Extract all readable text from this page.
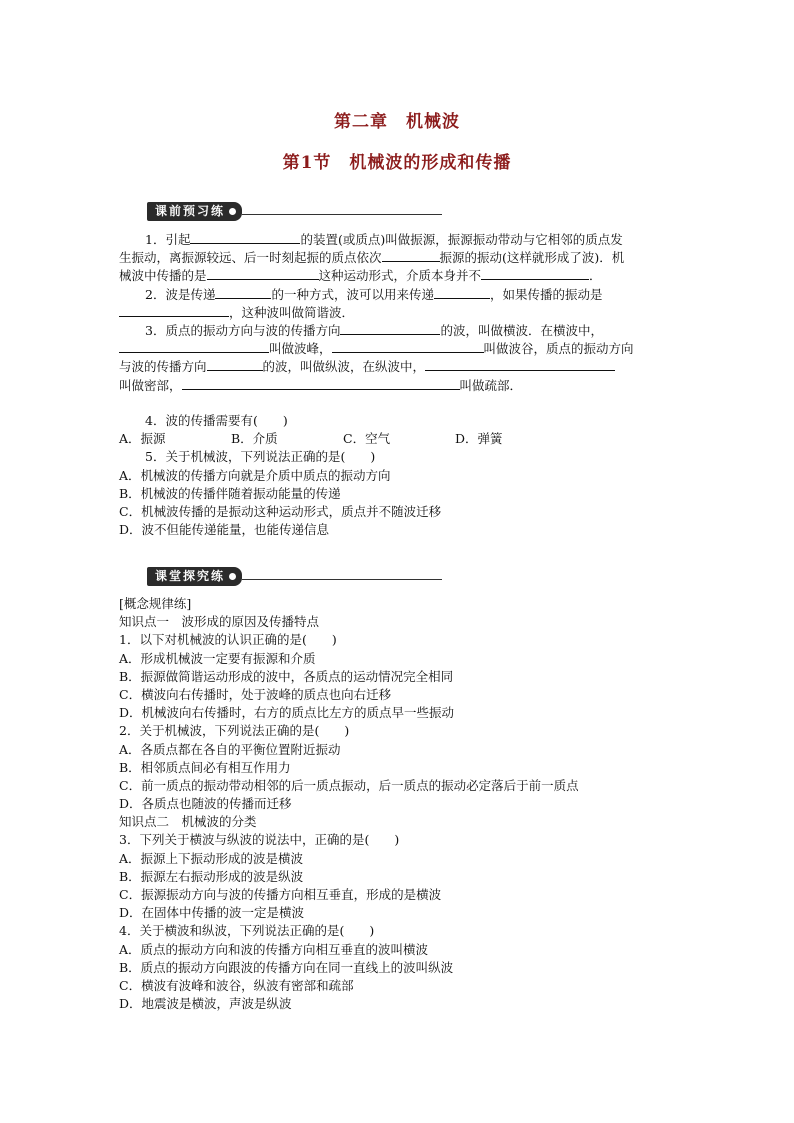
第二章　机械波
第1节　机械波的形成和传播
课前预习练
1．引起	的装置(或质点)叫做振源，振源振动带动与它相邻的质点发
生振动，离振源较远、后一时刻起振的质点依次	振源的振动(这样就形成了波)．机
械波中传播的是	这种运动形式，介质本身并不	．
2．波是传递	的一种方式，波可以用来传递	，如果传播的振动是
，这种波叫做简谐波．
3．质点的振动方向与波的传播方向	的波，叫做横波．在横波中，
叫做波峰，	叫做波谷，质点的振动方向
与波的传播方向	的波，叫做纵波，在纵波中，
叫做密部，	叫做疏部．
4．波的传播需要有(　　)
A．振源	B．介质	C．空气	D．弹簧
5．关于机械波，下列说法正确的是(　　)
A．机械波的传播方向就是介质中质点的振动方向
B．机械波的传播伴随着振动能量的传递
C．机械波传播的是振动这种运动形式，质点并不随波迁移
D．波不但能传递能量，也能传递信息
课堂探究练
[概念规律练]
知识点一　波形成的原因及传播特点
1．以下对机械波的认识正确的是(　　)
A．形成机械波一定要有振源和介质
B．振源做简谐运动形成的波中，各质点的运动情况完全相同
C．横波向右传播时，处于波峰的质点也向右迁移
D．机械波向右传播时，右方的质点比左方的质点早一些振动
2．关于机械波，下列说法正确的是(　　)
A．各质点都在各自的平衡位置附近振动
B．相邻质点间必有相互作用力
C．前一质点的振动带动相邻的后一质点振动，后一质点的振动必定落后于前一质点
D．各质点也随波的传播而迁移
知识点二　机械波的分类
3．下列关于横波与纵波的说法中，正确的是(　　)
A．振源上下振动形成的波是横波
B．振源左右振动形成的波是纵波
C．振源振动方向与波的传播方向相互垂直，形成的是横波
D．在固体中传播的波一定是横波
4．关于横波和纵波，下列说法正确的是(　　)
A．质点的振动方向和波的传播方向相互垂直的波叫横波
B．质点的振动方向跟波的传播方向在同一直线上的波叫纵波
C．横波有波峰和波谷，纵波有密部和疏部
D．地震波是横波，声波是纵波
